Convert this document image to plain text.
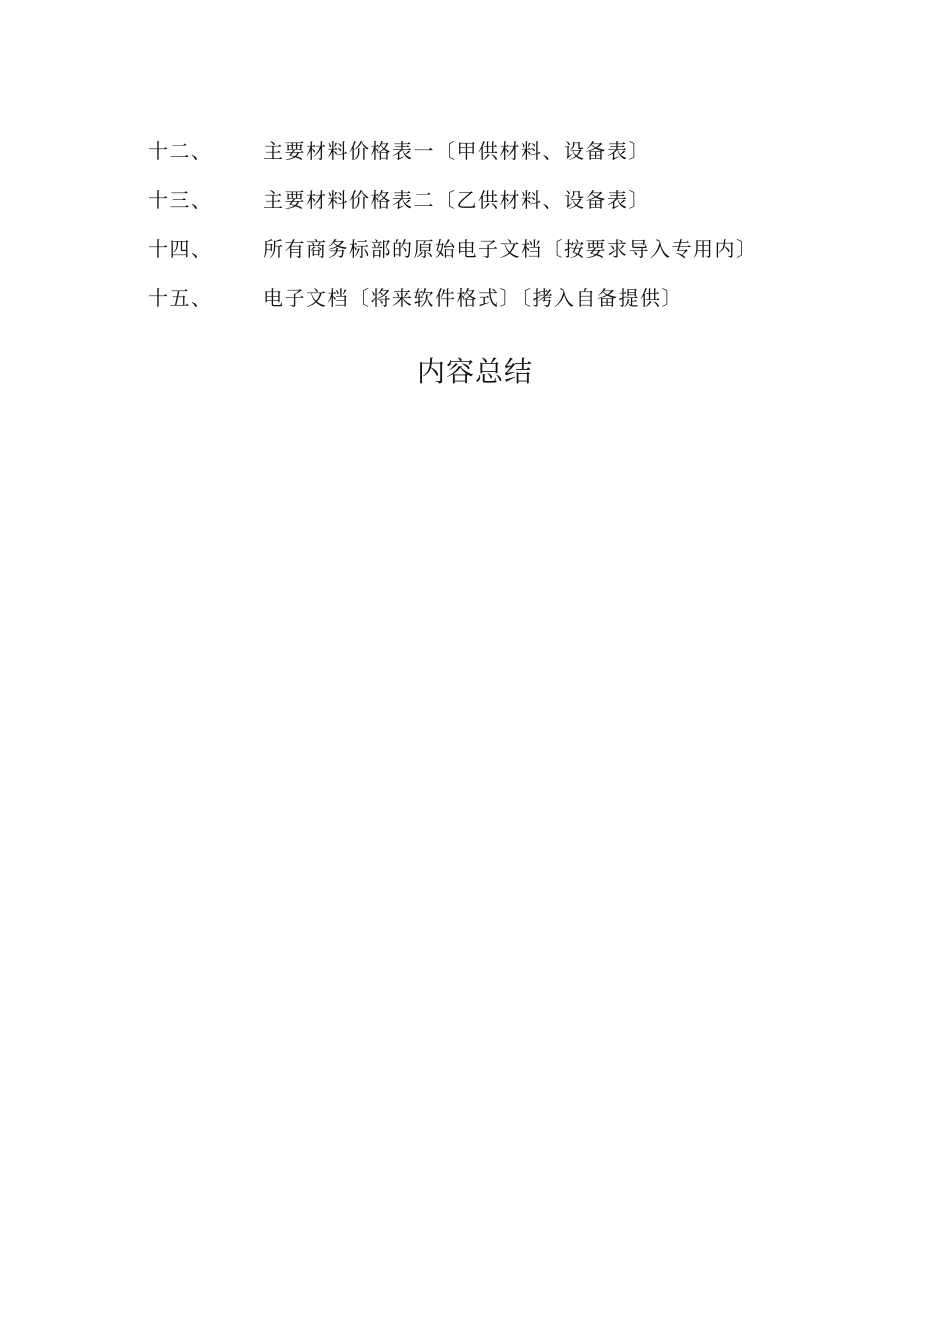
十二、	主要材料价格表一〔甲供材料、设备表〕
十三、	主要材料价格表二〔乙供材料、设备表〕
十四、	所有商务标部的原始电子文档〔按要求导入专用内〕
十五、	电子文档〔将来软件格式〕〔拷入自备提供〕
内容总结
